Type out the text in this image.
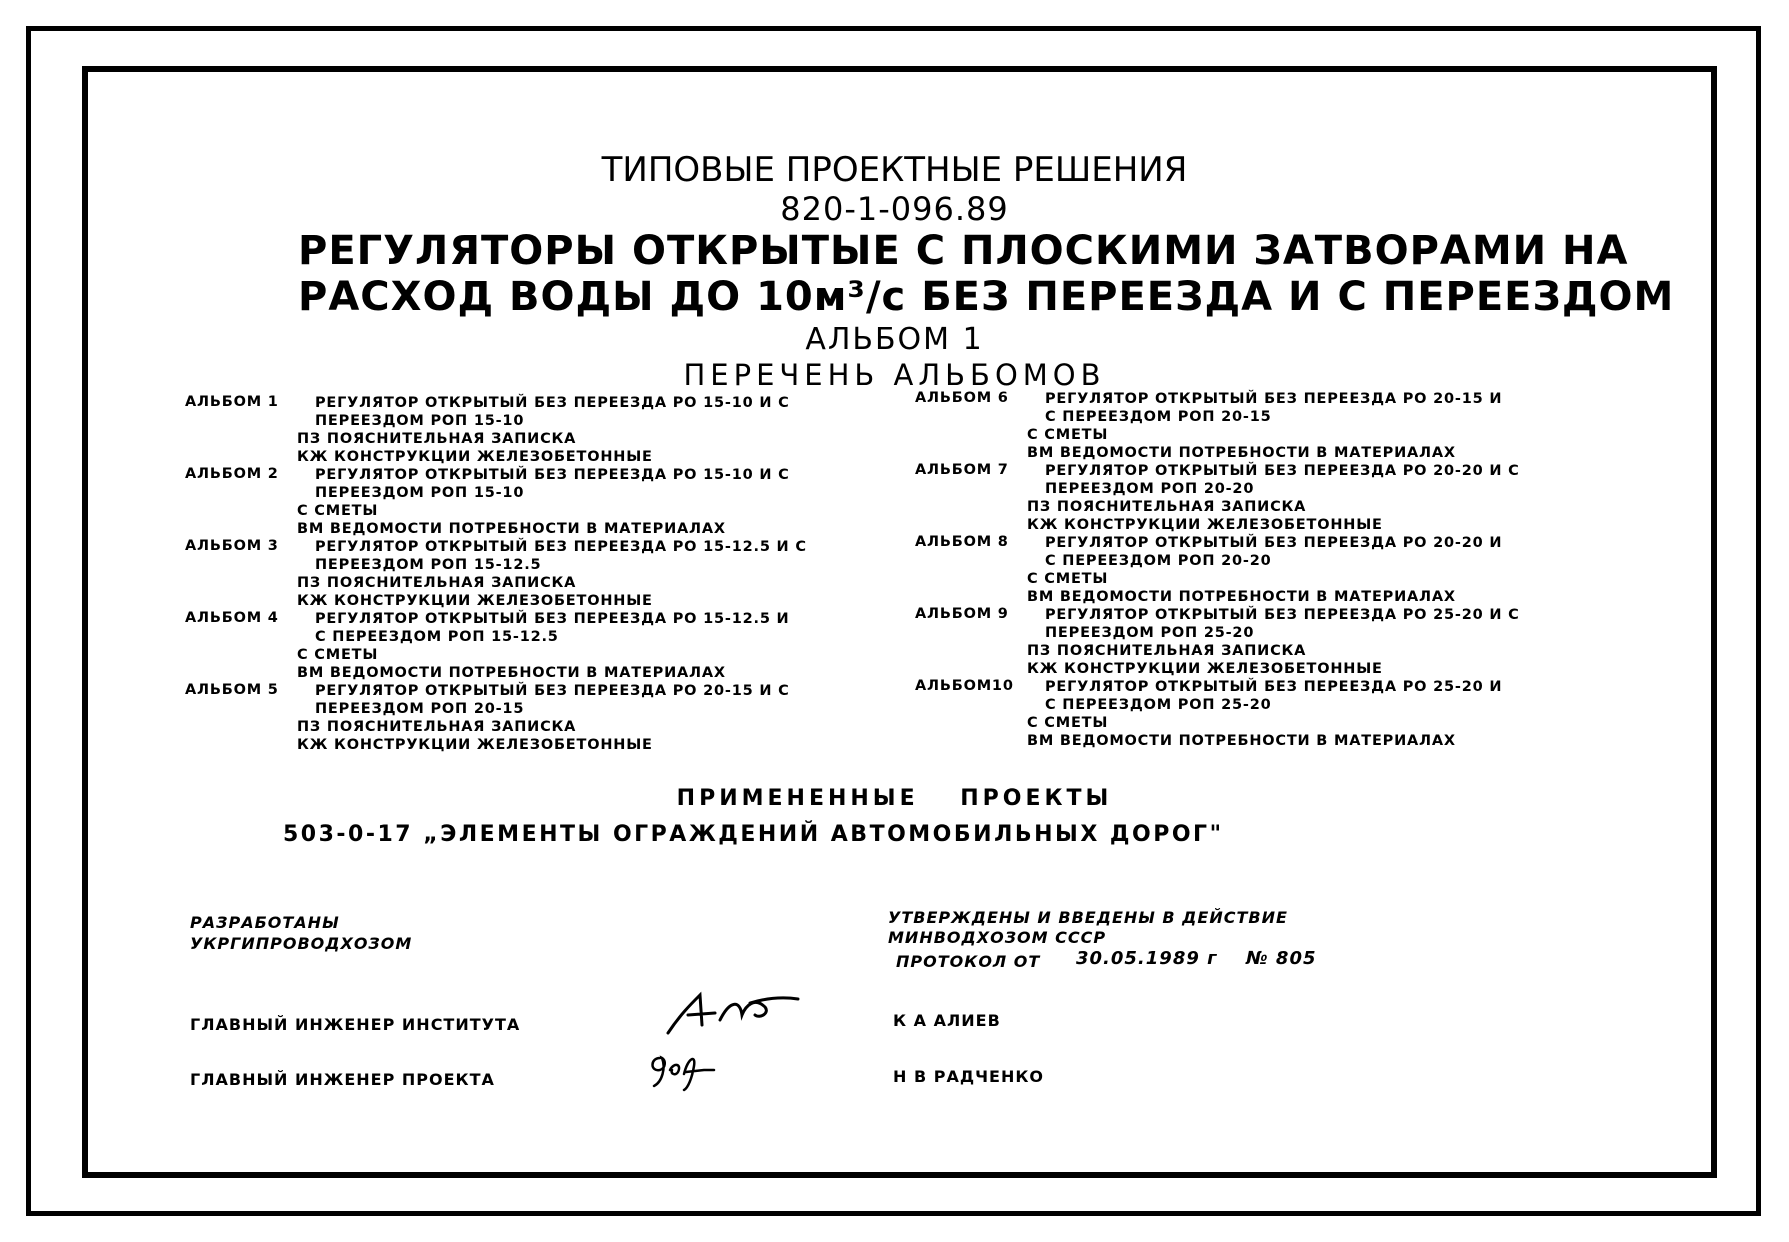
ТИПОВЫЕ ПРОЕКТНЫЕ РЕШЕНИЯ
820-1-096.89
РЕГУЛЯТОРЫ ОТКРЫТЫЕ С ПЛОСКИМИ ЗАТВОРАМИ НА
РАСХОД ВОДЫ ДО 10м³/с БЕЗ ПЕРЕЕЗДА И С ПЕРЕЕЗДОМ
АЛЬБОМ 1
ПЕРЕЧЕНЬ АЛЬБОМОВ
АЛЬБОМ 1	РЕГУЛЯТОР ОТКРЫТЫЙ БЕЗ ПЕРЕЕЗДА РО 15-10 И С
ПЕРЕЕЗДОМ РОП 15-10
ПЗ ПОЯСНИТЕЛЬНАЯ ЗАПИСКА
КЖ КОНСТРУКЦИИ ЖЕЛЕЗОБЕТОННЫЕ
АЛЬБОМ 2	РЕГУЛЯТОР ОТКРЫТЫЙ БЕЗ ПЕРЕЕЗДА РО 15-10 И С
ПЕРЕЕЗДОМ РОП 15-10
С СМЕТЫ
ВМ ВЕДОМОСТИ ПОТРЕБНОСТИ В МАТЕРИАЛАХ
АЛЬБОМ 3	РЕГУЛЯТОР ОТКРЫТЫЙ БЕЗ ПЕРЕЕЗДА РО 15-12.5 И С
ПЕРЕЕЗДОМ РОП 15-12.5
ПЗ ПОЯСНИТЕЛЬНАЯ ЗАПИСКА
КЖ КОНСТРУКЦИИ ЖЕЛЕЗОБЕТОННЫЕ
АЛЬБОМ 4	РЕГУЛЯТОР ОТКРЫТЫЙ БЕЗ ПЕРЕЕЗДА РО 15-12.5 И
С ПЕРЕЕЗДОМ РОП 15-12.5
С СМЕТЫ
ВМ ВЕДОМОСТИ ПОТРЕБНОСТИ В МАТЕРИАЛАХ
АЛЬБОМ 5	РЕГУЛЯТОР ОТКРЫТЫЙ БЕЗ ПЕРЕЕЗДА РО 20-15 И С
ПЕРЕЕЗДОМ РОП 20-15
ПЗ ПОЯСНИТЕЛЬНАЯ ЗАПИСКА
КЖ КОНСТРУКЦИИ ЖЕЛЕЗОБЕТОННЫЕ
АЛЬБОМ 6	РЕГУЛЯТОР ОТКРЫТЫЙ БЕЗ ПЕРЕЕЗДА РО 20-15 И
С ПЕРЕЕЗДОМ РОП 20-15
С СМЕТЫ
ВМ ВЕДОМОСТИ ПОТРЕБНОСТИ В МАТЕРИАЛАХ
АЛЬБОМ 7	РЕГУЛЯТОР ОТКРЫТЫЙ БЕЗ ПЕРЕЕЗДА РО 20-20 И С
ПЕРЕЕЗДОМ РОП 20-20
ПЗ ПОЯСНИТЕЛЬНАЯ ЗАПИСКА
КЖ КОНСТРУКЦИИ ЖЕЛЕЗОБЕТОННЫЕ
АЛЬБОМ 8	РЕГУЛЯТОР ОТКРЫТЫЙ БЕЗ ПЕРЕЕЗДА РО 20-20 И
С ПЕРЕЕЗДОМ РОП 20-20
С СМЕТЫ
ВМ ВЕДОМОСТИ ПОТРЕБНОСТИ В МАТЕРИАЛАХ
АЛЬБОМ 9	РЕГУЛЯТОР ОТКРЫТЫЙ БЕЗ ПЕРЕЕЗДА РО 25-20 И С
ПЕРЕЕЗДОМ РОП 25-20
ПЗ ПОЯСНИТЕЛЬНАЯ ЗАПИСКА
КЖ КОНСТРУКЦИИ ЖЕЛЕЗОБЕТОННЫЕ
АЛЬБОМ10 РЕГУЛЯТОР ОТКРЫТЫЙ БЕЗ ПЕРЕЕЗДА РО 25-20 И
С ПЕРЕЕЗДОМ РОП 25-20
С СМЕТЫ
ВМ ВЕДОМОСТИ ПОТРЕБНОСТИ В МАТЕРИАЛАХ
ПРИМЕНЕННЫЕ ПРОЕКТЫ
503-0-17 „ЭЛЕМЕНТЫ ОГРАЖДЕНИЙ АВТОМОБИЛЬНЫХ ДОРОГ"
РАЗРАБОТАНЫ
УКРГИПРОВОДХОЗОМ
УТВЕРЖДЕНЫ И ВВЕДЕНЫ В ДЕЙСТВИЕ
МИНВОДХОЗОМ СССР
ПРОТОКОЛ ОТ 30.05.1989 г № 805
ГЛАВНЫЙ ИНЖЕНЕР ИНСТИТУТА	К А АЛИЕВ
ГЛАВНЫЙ ИНЖЕНЕР ПРОЕКТА	Н В РАДЧЕНКО
